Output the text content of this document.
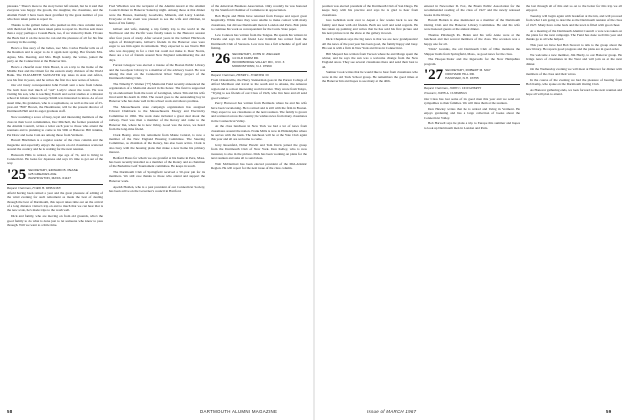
pleasure." There's more to the story better left unsaid, but be it said that everyone was happy: the groom, the daughter, the classmate, and the Alumni Fund! I have been most gratified by the great number of you who have taken pains to report in.

Thanks to the gallant ladies who pushed us this class column news with them last fall, and have taken pains to report in. Dot has sent more than a copy; perhaps a Cousin Buck, too, if we visited by them. I'll sure the Buck had it on the news he can and the pleasure of all for his fine courtesy in the outing.

Here's a fine story of the ladies, too: Mrs. Carlos Haufer tells us of the Reunion and is eager to do it again next spring. Her friends Mrs. Agnes, Mrs. Deering, and Mrs. Hugh Gately, the writes, joined the party on the Connecticut at the Hanover Inn.

Here's a cheerful note: Dick Breed, is on a trip to the home of the Middle East and the Orient for the eastern study division of the World Bank. The ELIZABETH SANGSTER trip takes in Asia and Africa, was his first in years, and he writes the first in a new series of letters.

Our old trusty correspondent John Farrell sent a note from Ghana. We both have had much of "old" Lady's: about the town. He was visiting his son, who is teaching French and social studies at a mission school in Ghana where George Smith was interested to know. As of our usual time, his grandson, who is a sophomore, as well as the son of 25-year-old "Bill" Brown, the Headmaster, will be the present director of Dartmouth Hall and its eager graduate staff.

Now rounding a score of busy, loyal and interesting members of the class in their local communities, Doc Mitchell, the former president of the Alumni Council, writes a letter each year to those who attend the reunions and is planning to come to his 50th at Hanover. Bill Jenkins, Pat Drew and Gene Cain are among those from Vermont.

Harold Hinchman is a regular reader of the class column and the magazine and especially enjoys the reports on old classmates scattered around the country and he is waiting for the next reunion.

Hanscom Hills is retired, at the ripe age of 74, and is living in Connecticut. He looks for Japanese and says it's time to get out of the way.

'25 SECRETARY, EDWARD B. PEASE
125 GREAVES AVE.
WASHINGTON, MASS. 01127
Bequest Chairman, FORD H. WHELDEN

Afield having been retired a year and the great pleasure of editing of the wind evening for such retirement as made the best of dealing through the best of Dartmouth, this report takes time out on the arrival of a long distance visitor's trip on and to much that we can hear that is the new scale, he's made trips to the wash well.

Dick and family, who are moving on from old grounds, who's the good family to do what is done just to let someone who knew to pass through. Will we want to a little time.

Fred Wheldon was the recipient of the Alumni Award at the Alumni Council dinner in Hanover Saturday night. Among those at that dinner were the Bosses, Kennedy, Goodwins, Minards, and Larry Landon. Everyone at the event was pleased to see the wife and children, in honor of his family.

Gilbert and wife, making a trip family trip to the world in the Northwest and the Pacific were finally taken to the Hanover session after four years of study. After several years in the Gilbert Hitchcock region of Pennsylvania, Gilbert's friends in the Hanover area were eager to see him again in retirement. They expected to see Norris Hill who was dropping in for a visit but could not make it. Dear Norris, there are a lot of friends around New England remembering the old days.

Forrest Glasgow was elected a trustee of the Boston Public Library and the Goodyear Library is a member of the advisory board. He was among the men on the Connecticut River Valley project of the Dartmouth Outing Club.

The Timothy F. Weiner ('77) Memorial Fund recently announced the organization of a Memorial Award in his honor. The fund is supported by an endowment from the town of Lexington, where Tim and his wife lived until his death in 1962. The award goes to the outstanding boy in Hanover who has done well in his school work and shows promise.

The Massachusetts state campaign organization has assigned Edward Chubbuck to the Massachusetts Energy and Electricity Committee in 1966. The work done included a great deal about the railway. Neal was then a member of the Rotary and came to the Hanover Inn, where he is now living. Good was the news, we heard from the long-time friend.

Clark Beatty, since his retirement from Maine Central, is now a member of the New England Housing Committee. The Steering Committee, as chairman of the Rotary, has also been active. Clark is also busy with the housing plans that make a new home his primary interest.

Bedford Bates for whom we are grateful at his home in Peru, Mass. has been recently installed as a member of the Rotary and as chairman of the Berkshire Golf Tournament committee. He keeps in touch.

The Dartmouth Club of Springfield received a 50-year pin for its members. We still owe thanks to those who attend and support the Hanover work.

Apelsh Holden, who is a past president of our Connecticut Society, has been active on the Governor's council in Hartford.

of the American Business Association. Only recently he was honored by the Stamford Chamber of Commerce in appreciation.

Bob Hoyle and Hilda have returned from Europe and report great hospitality. While there they were unable to make contact with many classmates, but did see Dartmouth men in London and Paris. Bob plans to continue his work as correspondent for the Conn. State paper.

Lew Connors has written from the Tongue. He spends his winters in Florida and says his old friend Lew Kimball has retired from the Dartmouth Club of Sarasota. Lew now has a full schedule of golf and fishing.

'26 SECRETARY, JOHN R. ZIEGLER
14 OLD FARM RD.
WOODBRIDGE VALLEY RD., R.D. 3
MORRISTOWN, N.J. 07960
Bequest Chairman, HENRY L. FORSTER '26

From Orleansville, the Harry Steinerman goes in the Parton College of Alfred Merthson and travel to the south and to Alaska, the Amazon region and is a most interesting world traveler. They wrote from Tokyo, "Trying to see friends of our Class of 1926, who live here and all send good wishes."

Percy Harwood has written from Bermuda where he and his wife have been vacationing. He is retired and is still with the firm in Boston. They expect to see classmates at the next reunion. The family is grown and scattered across the country; he wishes news from many classmates in the Connecticut Valley.

At the class luncheon in New York we had a lot of news from classmates around the nation. Frank Mills is now in Philadelphia where he serves with the bank. The luncheon will be at the Yale Club again this year and all are welcome to come.

Jerry Rosenfeld, Elmer Hewitt and Tom Davis joined the group from the Dartmouth Club of New York. Don Kelley, who is now treasurer, is also in the picture. Dick has been working on plans for the next reunion and asks all to send ideas.

Walt McDermott has been elected president of the Mid-Atlantic Region. He will report for the next issue of the class column.

position was elected president of the Dartmouth Club of San Diego. He keeps busy with his practice and says he is glad to hear from classmates.

Gus Gehrman went over to Aspen a few weeks back to see the family and meet with old friends. Both are well and send regards. He has taken up painting and writes that he has sold his first picture and his next picture is in the show at the gallery in town.

Dick Chapman says the big news is that we are now grandparents! All the news of the past year has been good, the family happy and busy. His son is with a firm in New York and lives in Connecticut.

Bill Shepard has written from Tucson where he and Marge spent the winter, and he says the sun was a welcome change from the New England snow. They see several classmates there and send their best to all.

Sumner Cook writes that he would like to hear from classmates who were in the old Tuck School group. He remembers the good times at the Hanover Inn and hopes to see many at the 40th.

entered in Newcomer D. Fox, the Bronx Public Association for the recommended reading of the class of 1927 and the newly released books in the library.

Harold Holden is also mentioned as a member of the Dartmouth Outing Club and the Hanover Library Committee. He and his wife were honored guests at the annual dinner.

Thomas Pittsburgh Pa. Helen and his wife Anne were at the luncheon and met several members of the class. The occasion was a happy one for all.

"Dick" Grannis, the old Dartmouth Club of Ohio mentions the Shipper holds from Springfield, Mass., as good news for the class.

The Hooper-Tudor and the Ingersolls for the New Hampshire program.

'27 SECRETARY, ROBERT M. MAY
ORCHARD HILL RD.
HANOVER, N.H. 03755
Bequest Chairman, JOHN C. DOUGHERTY
Treasurer, JOHN A. CUMMINGS

Our Class has lost some of its good men this year and we send our sympathies to their families. We will miss them at the reunion.

Don Hawley writes that he is retired and living in Vermont. He enjoys gardening and has a large collection of books about the Connecticut Valley.

Bob Harwell says he plans a trip to Europe this summer and hopes to look up Dartmouth men in London and Paris.

the last through all of this and so on to the better for this trip we all enjoyed.

Tuesday will begin again with breakfast at the inn, and will proceed from what I am going to describe as the Dartmouth reunion of the class of 1927. Many have come back and the town is filled with good cheer.

At a meeting of the Dartmouth Alumni Council a vote was taken on the plans for the next campaign. The Fund has done well this year and thanks go to all who helped.

This year we have had Bob Stewart to talk to the group about the new library. He reports good progress and the plans are in good order.

We welcome a new member, Jim Hardy, to our Hanover group. He brings news of classmates in the West and will join us at the next dinner.

On the Wednesday evening we will meet at Hanover for dinner with members of the class and their wives.

In the course of the evening we had the pleasure of hearing from Bob Kemp, who spoke on the Dartmouth Outing Club.

As Hanover gathering ends, we look forward to the next reunion and hope all will plan to attend.

58	DARTMOUTH ALUMNI MAGAZINE	Issue of MARCH 1967	59
